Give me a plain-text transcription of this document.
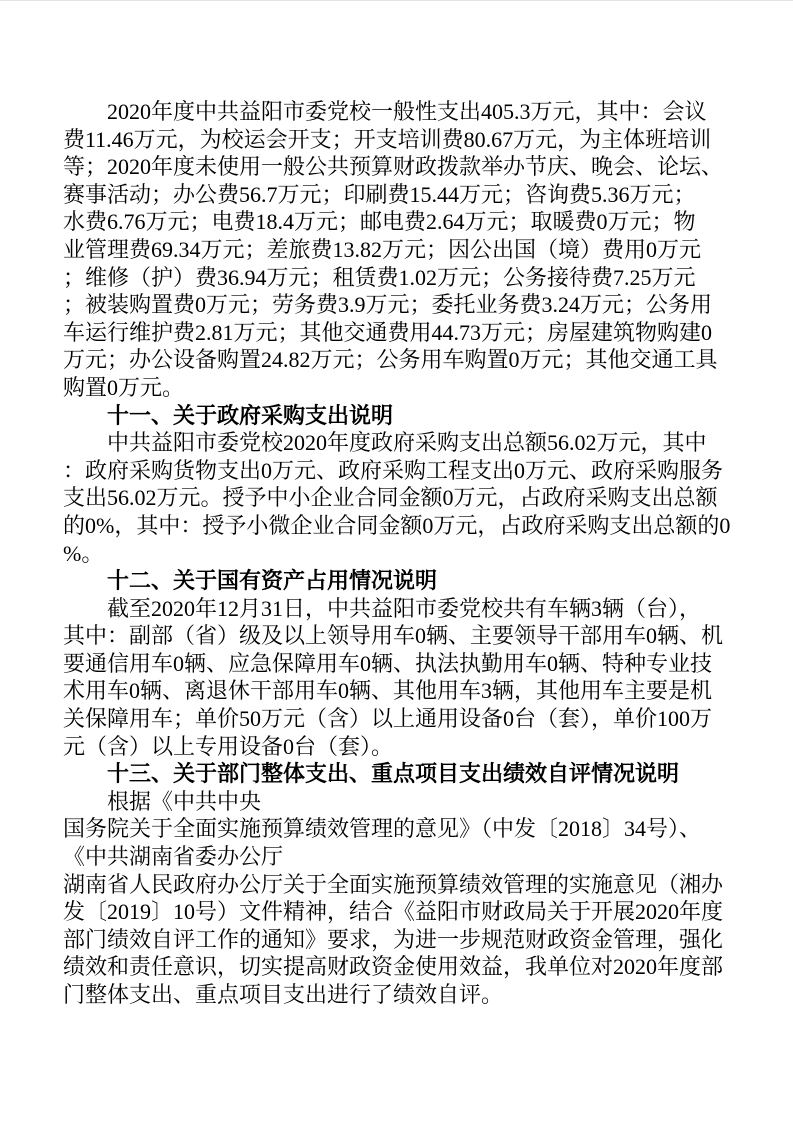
2020年度中共益阳市委党校一般性支出405.3万元，其中：会议
费11.46万元，为校运会开支；开支培训费80.67万元，为主体班培训
等；2020年度未使用一般公共预算财政拨款举办节庆、晚会、论坛、
赛事活动；办公费56.7万元；印刷费15.44万元；咨询费5.36万元；
水费6.76万元；电费18.4万元；邮电费2.64万元；取暖费0万元；物
业管理费69.34万元；差旅费13.82万元；因公出国（境）费用0万元
；维修（护）费36.94万元；租赁费1.02万元；公务接待费7.25万元
；被装购置费0万元；劳务费3.9万元；委托业务费3.24万元；公务用
车运行维护费2.81万元；其他交通费用44.73万元；房屋建筑物购建0
万元；办公设备购置24.82万元；公务用车购置0万元；其他交通工具
购置0万元。
十一、关于政府采购支出说明
中共益阳市委党校2020年度政府采购支出总额56.02万元，其中
：政府采购货物支出0万元、政府采购工程支出0万元、政府采购服务
支出56.02万元。授予中小企业合同金额0万元，占政府采购支出总额
的0%，其中：授予小微企业合同金额0万元，占政府采购支出总额的0
%。
十二、关于国有资产占用情况说明
截至2020年12月31日，中共益阳市委党校共有车辆3辆（台），
其中：副部（省）级及以上领导用车0辆、主要领导干部用车0辆、机
要通信用车0辆、应急保障用车0辆、执法执勤用车0辆、特种专业技
术用车0辆、离退休干部用车0辆、其他用车3辆，其他用车主要是机
关保障用车；单价50万元（含）以上通用设备0台（套），单价100万
元（含）以上专用设备0台（套）。
十三、关于部门整体支出、重点项目支出绩效自评情况说明
根据《中共中央
国务院关于全面实施预算绩效管理的意见》（中发〔2018〕34号）、
《中共湖南省委办公厅
湖南省人民政府办公厅关于全面实施预算绩效管理的实施意见（湘办
发〔2019〕10号）文件精神，结合《益阳市财政局关于开展2020年度
部门绩效自评工作的通知》要求，为进一步规范财政资金管理，强化
绩效和责任意识，切实提高财政资金使用效益，我单位对2020年度部
门整体支出、重点项目支出进行了绩效自评。
